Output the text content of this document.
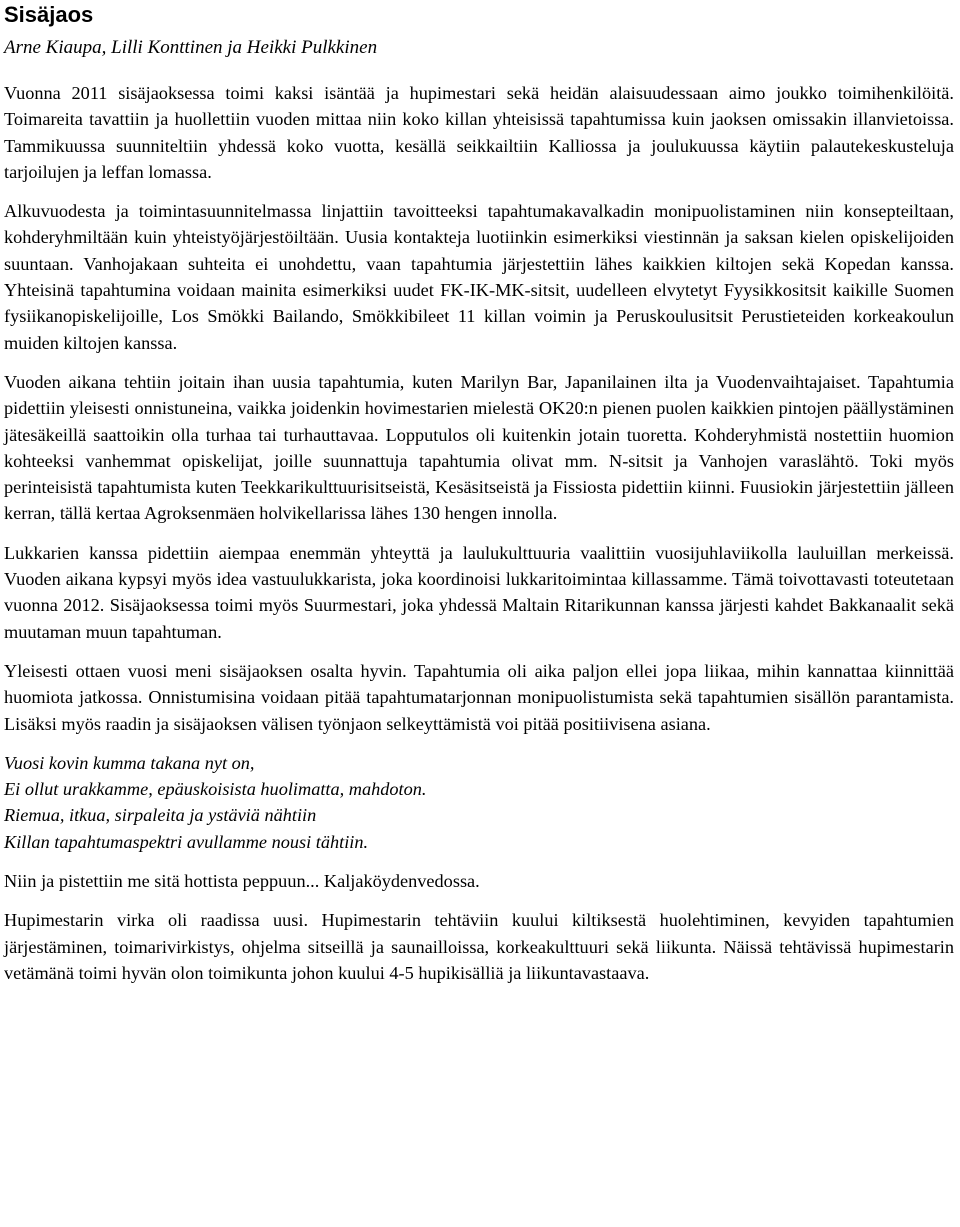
Sisäjaos

Arne Kiaupa, Lilli Konttinen ja Heikki Pulkkinen

Vuonna 2011 sisäjaoksessa toimi kaksi isäntää ja hupimestari sekä heidän alaisuudessaan aimo joukko toimihenkilöitä. Toimareita tavattiin ja huollettiin vuoden mittaa niin koko killan yhteisissä tapahtumissa kuin jaoksen omissakin illanvietoissa. Tammikuussa suunniteltiin yhdessä koko vuotta, kesällä seikkailtiin Kalliossa ja joulukuussa käytiin palautekeskusteluja tarjoilujen ja leffan lomassa.

Alkuvuodesta ja toimintasuunnitelmassa linjattiin tavoitteeksi tapahtumakavalkadin monipuolistaminen niin konsepteiltaan, kohderyhmiltään kuin yhteistyöjärjestöiltään. Uusia kontakteja luotiinkin esimerkiksi viestinnän ja saksan kielen opiskelijoiden suuntaan. Vanhojakaan suhteita ei unohdettu, vaan tapahtumia järjestettiin lähes kaikkien kiltojen sekä Kopedan kanssa. Yhteisinä tapahtumina voidaan mainita esimerkiksi uudet FK-IK-MK-sitsit, uudelleen elvytetyt Fyysikkositsit kaikille Suomen fysiikanopiskelijoille, Los Smökki Bailando, Smökkibileet 11 killan voimin ja Peruskoulusitsit Perustieteiden korkeakoulun muiden kiltojen kanssa.

Vuoden aikana tehtiin joitain ihan uusia tapahtumia, kuten Marilyn Bar, Japanilainen ilta ja Vuodenvaihtajaiset. Tapahtumia pidettiin yleisesti onnistuneina, vaikka joidenkin hovimestarien mielestä OK20:n pienen puolen kaikkien pintojen päällystäminen jätesäkeillä saattoikin olla turhaa tai turhauttavaa. Lopputulos oli kuitenkin jotain tuoretta. Kohderyhmistä nostettiin huomion kohteeksi vanhemmat opiskelijat, joille suunnattuja tapahtumia olivat mm. N-sitsit ja Vanhojen varaslähtö. Toki myös perinteisistä tapahtumista kuten Teekkarikulttuurisitseistä, Kesäsitseistä ja Fissiosta pidettiin kiinni. Fuusiokin järjestettiin jälleen kerran, tällä kertaa Agroksenmäen holvikellarissa lähes 130 hengen innolla.

Lukkarien kanssa pidettiin aiempaa enemmän yhteyttä ja laulukulttuuria vaalittiin vuosijuhlaviikolla lauluillan merkeissä. Vuoden aikana kypsyi myös idea vastuulukkarista, joka koordinoisi lukkaritoimintaa killassamme. Tämä toivottavasti toteutetaan vuonna 2012. Sisäjaoksessa toimi myös Suurmestari, joka yhdessä Maltain Ritarikunnan kanssa järjesti kahdet Bakkanaalit sekä muutaman muun tapahtuman.

Yleisesti ottaen vuosi meni sisäjaoksen osalta hyvin. Tapahtumia oli aika paljon ellei jopa liikaa, mihin kannattaa kiinnittää huomiota jatkossa. Onnistumisina voidaan pitää tapahtumatarjonnan monipuolistumista sekä tapahtumien sisällön parantamista. Lisäksi myös raadin ja sisäjaoksen välisen työnjaon selkeyttämistä voi pitää positiivisena asiana.

Vuosi kovin kumma takana nyt on,
Ei ollut urakkamme, epäuskoisista huolimatta, mahdoton.
Riemua, itkua, sirpaleita ja ystäviä nähtiin
Killan tapahtumaspektri avullamme nousi tähtiin.

Niin ja pistettiin me sitä hottista peppuun... Kaljaköydenvedossa.

Hupimestarin virka oli raadissa uusi. Hupimestarin tehtäviin kuului kiltiksestä huolehtiminen, kevyiden tapahtumien järjestäminen, toimarivirkistys, ohjelma sitseillä ja saunailloissa, korkeakulttuuri sekä liikunta. Näissä tehtävissä hupimestarin vetämänä toimi hyvän olon toimikunta johon kuului 4-5 hupikisälliä ja liikuntavastaava.
